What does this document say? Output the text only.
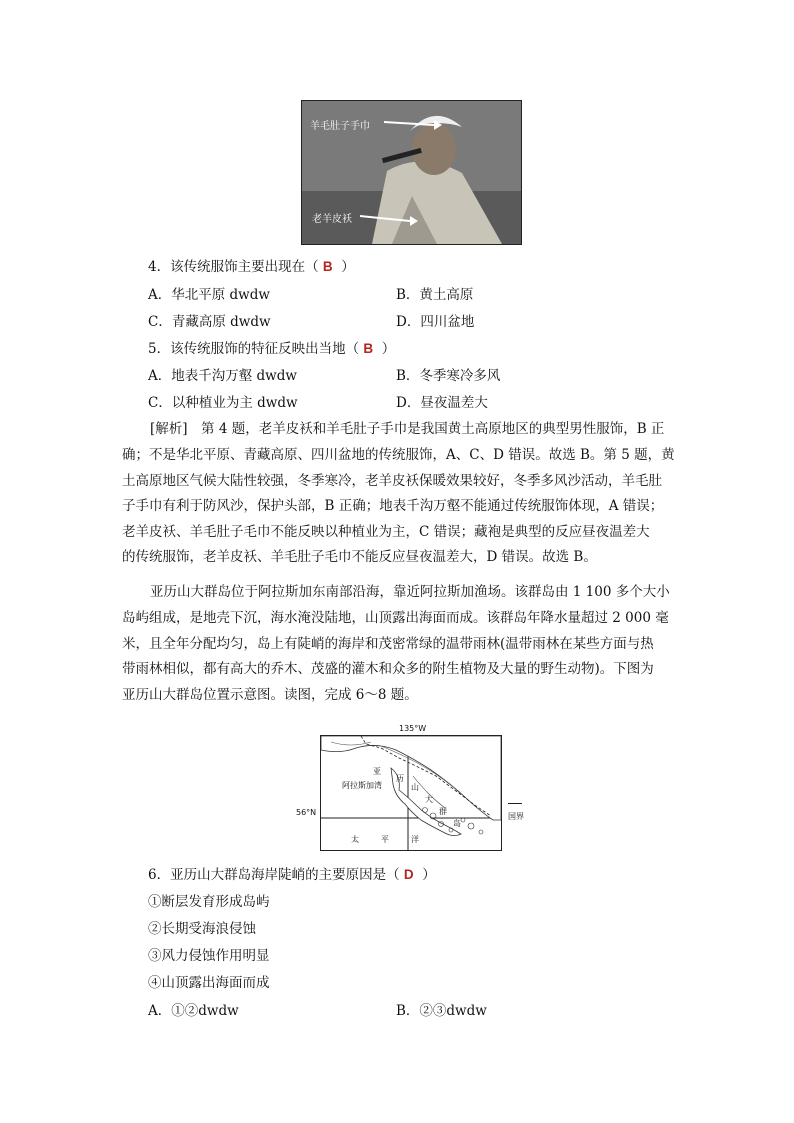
羊毛肚子手巾
老羊皮袄
4．该传统服饰主要出现在（ B ）
A．华北平原 dwdw	B．黄土高原
C．青藏高原 dwdw	D．四川盆地
5．该传统服饰的特征反映出当地（ B ）
A．地表千沟万壑 dwdw	B．冬季寒冷多风
C．以种植业为主 dwdw	D．昼夜温差大
[解析]　第 4 题，老羊皮袄和羊毛肚子手巾是我国黄土高原地区的典型男性服饰，B 正
确；不是华北平原、青藏高原、四川盆地的传统服饰，A、C、D 错误。故选 B。第 5 题，黄
土高原地区气候大陆性较强，冬季寒冷，老羊皮袄保暖效果较好，冬季多风沙活动，羊毛肚
子手巾有利于防风沙，保护头部，B 正确；地表千沟万壑不能通过传统服饰体现，A 错误；
老羊皮袄、羊毛肚子毛巾不能反映以种植业为主，C 错误；藏袍是典型的反应昼夜温差大
的传统服饰，老羊皮袄、羊毛肚子毛巾不能反应昼夜温差大，D 错误。故选 B。
亚历山大群岛位于阿拉斯加东南部沿海，靠近阿拉斯加渔场。该群岛由 1 100 多个大小
岛屿组成，是地壳下沉，海水淹没陆地，山顶露出海面而成。该群岛年降水量超过 2 000 毫
米，且全年分配均匀，岛上有陡峭的海岸和茂密常绿的温带雨林(温带雨林在某些方面与热
带雨林相似，都有高大的乔木、茂盛的灌木和众多的附生植物及大量的野生动物)。下图为
亚历山大群岛位置示意图。读图，完成 6～8 题。
135°W
56°N
阿拉斯加湾
亚
历
山
大
群
岛
太	平	洋
国界
6．亚历山大群岛海岸陡峭的主要原因是（ D ）
①断层发育形成岛屿
②长期受海浪侵蚀
③风力侵蚀作用明显
④山顶露出海面而成
A．①②dwdw	B．②③dwdw
